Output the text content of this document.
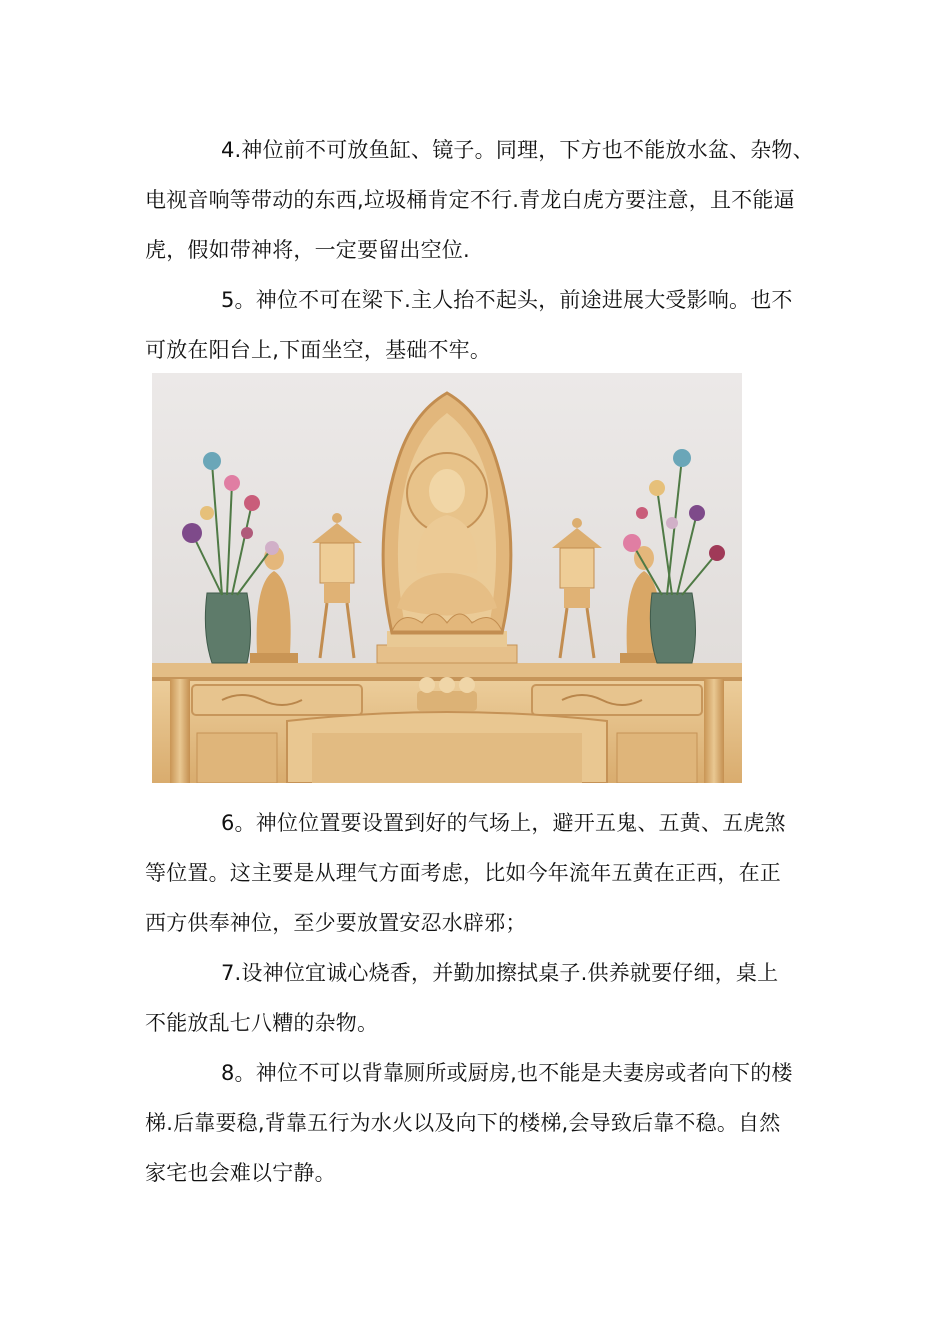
4.神位前不可放鱼缸、镜子。同理，下方也不能放水盆、杂物、
电视音响等带动的东西,垃圾桶肯定不行.青龙白虎方要注意，且不能逼
虎，假如带神将，一定要留出空位.
5。神位不可在梁下.主人抬不起头，前途进展大受影响。也不
可放在阳台上,下面坐空，基础不牢。
6。神位位置要设置到好的气场上，避开五鬼、五黄、五虎煞
等位置。这主要是从理气方面考虑，比如今年流年五黄在正西，在正
西方供奉神位，至少要放置安忍水辟邪；
7.设神位宜诚心烧香，并勤加擦拭桌子.供养就要仔细，桌上
不能放乱七八糟的杂物。
8。神位不可以背靠厕所或厨房,也不能是夫妻房或者向下的楼
梯.后靠要稳,背靠五行为水火以及向下的楼梯,会导致后靠不稳。自然
家宅也会难以宁静。
